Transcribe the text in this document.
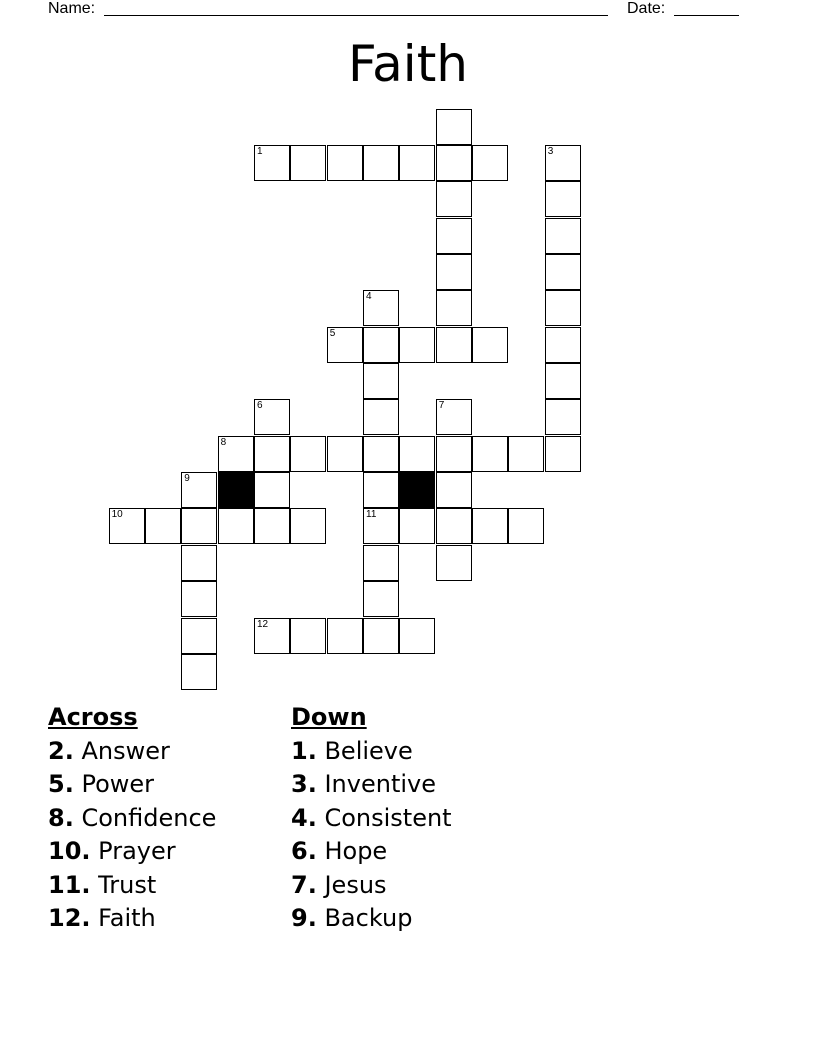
Name:	Date:
Faith
1	3
4
5
6	7
8
9
10	11
12
Across
2. Answer
5. Power
8. Confidence
10. Prayer
11. Trust
12. Faith
Down
1. Believe
3. Inventive
4. Consistent
6. Hope
7. Jesus
9. Backup
